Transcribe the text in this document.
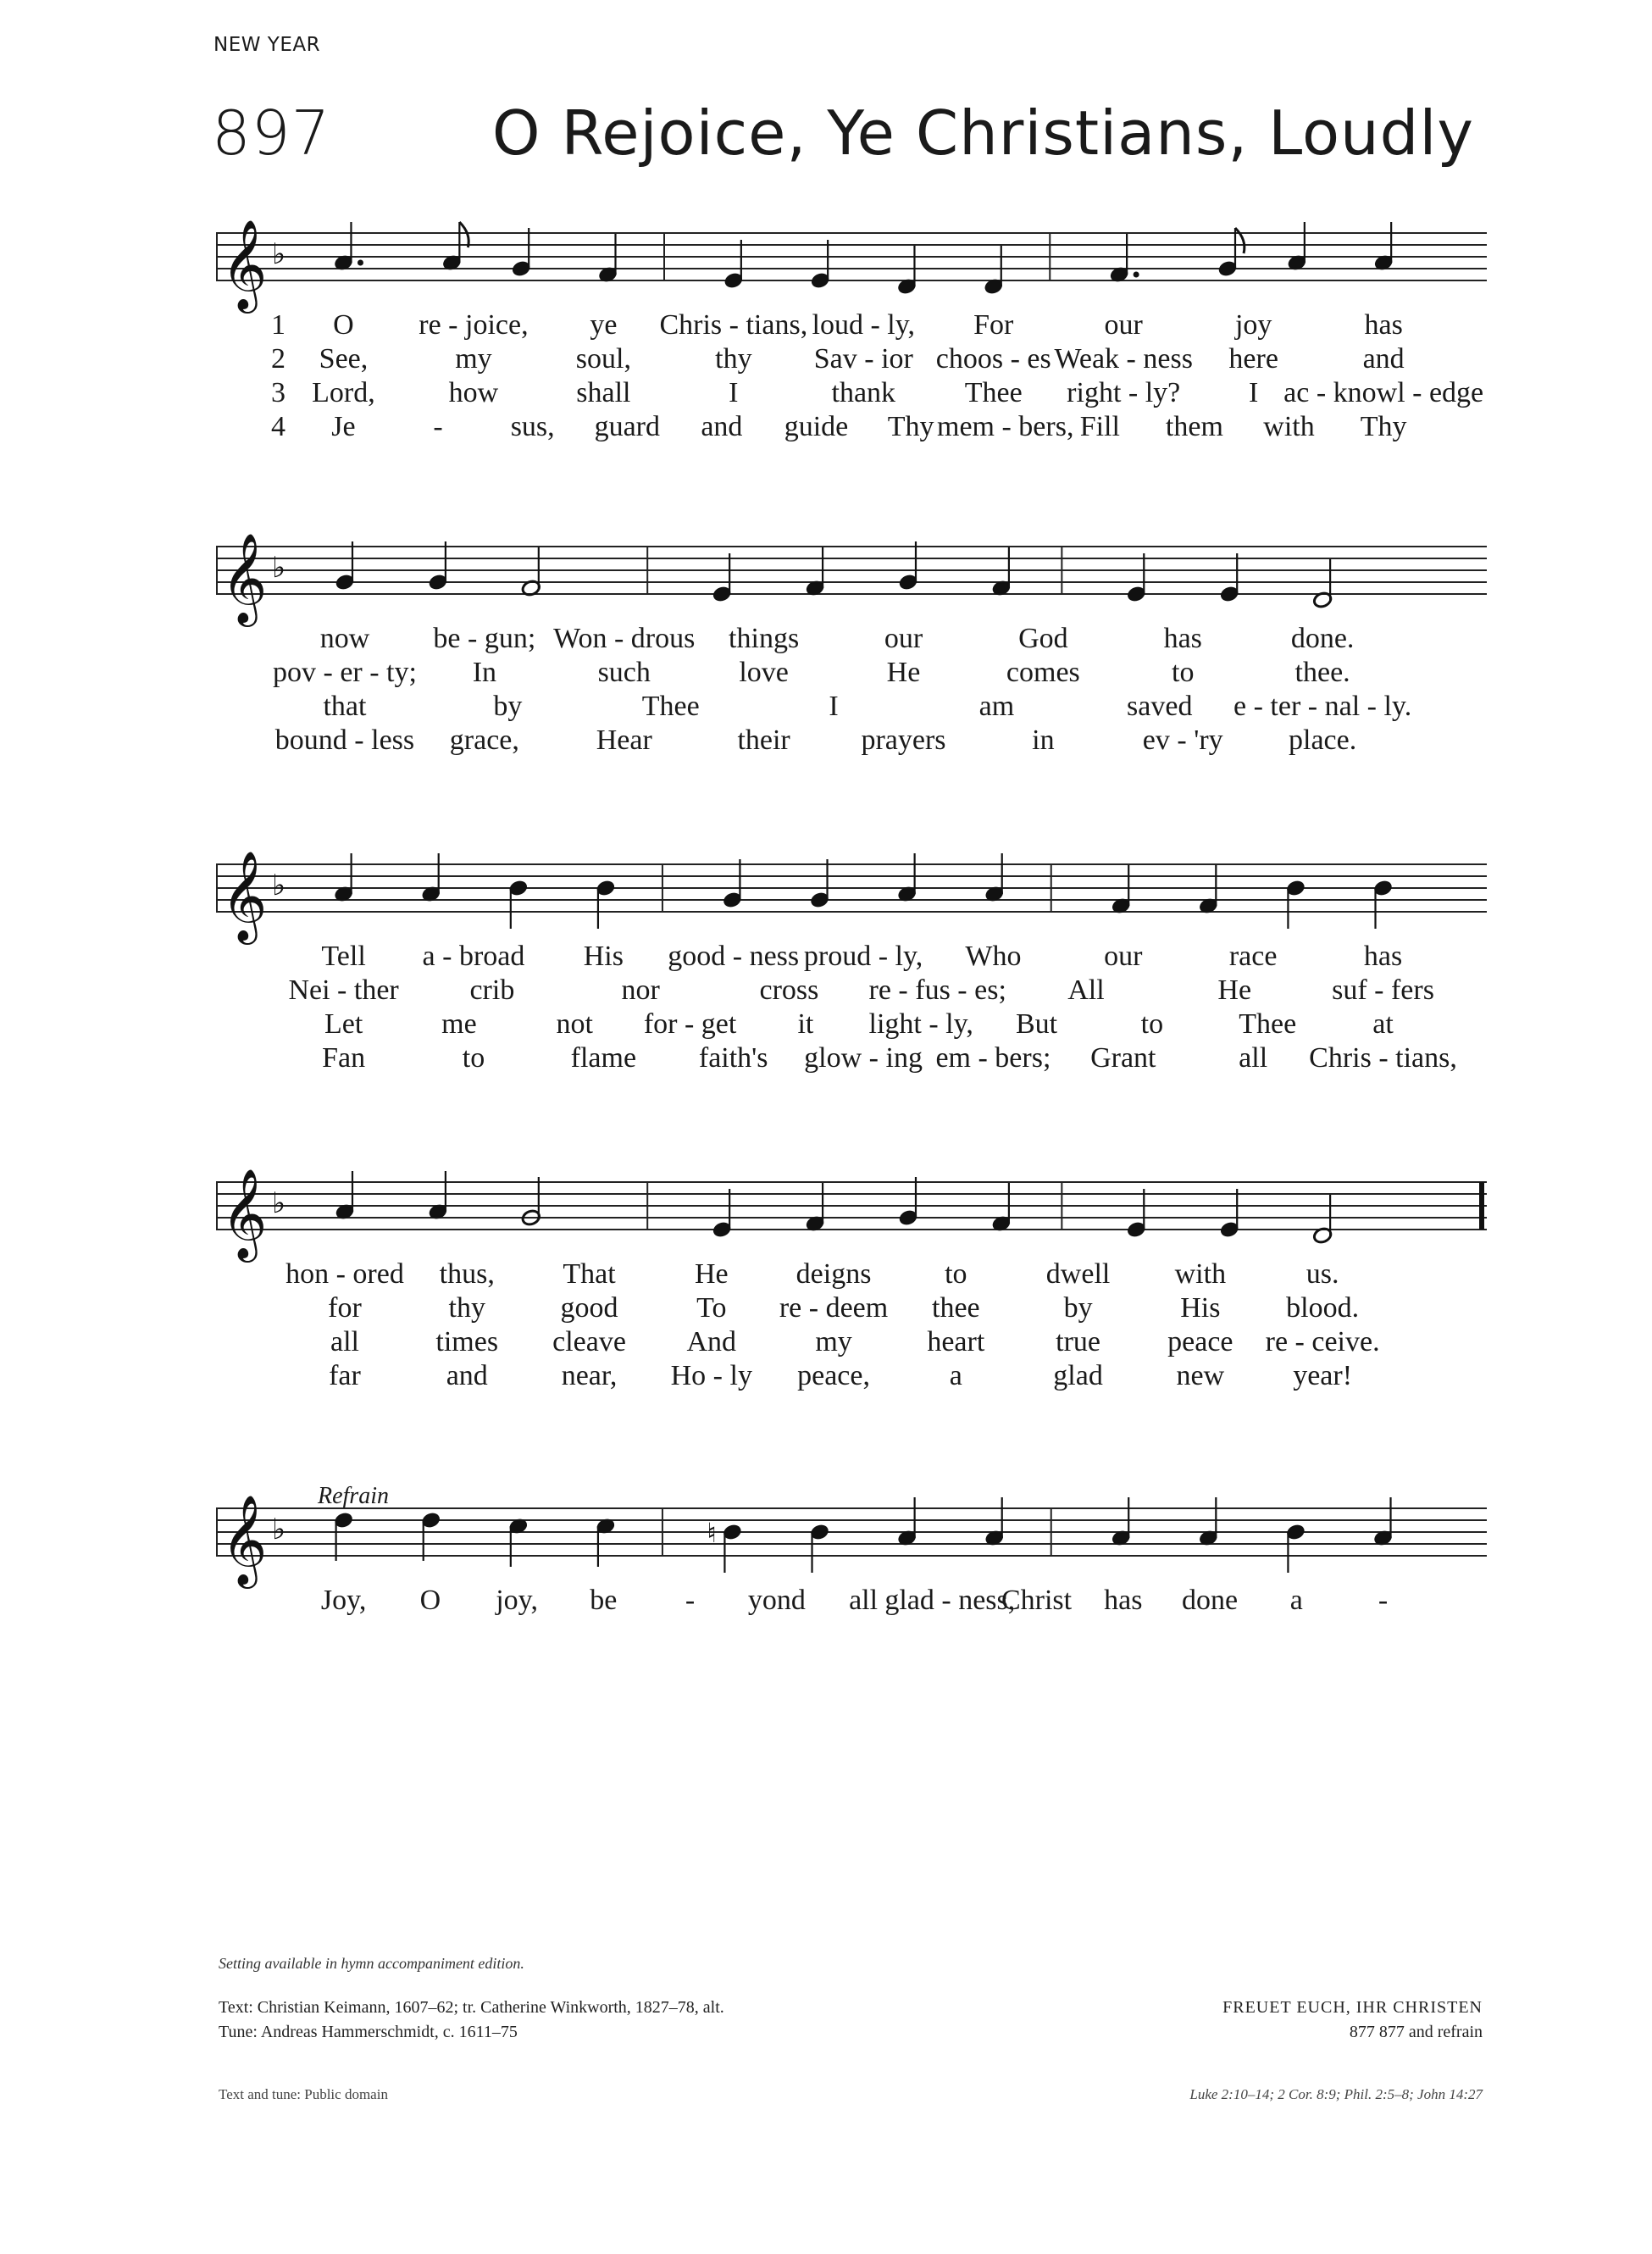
NEW YEAR
897	O Rejoice, Ye Christians, Loudly
𝄞 ♭
1 O re - joice, ye Chris - tians, loud - ly, For	our	joy	has
2 See,	my	soul,	thy Sav - ior choos - es Weak - ness here	and
3 Lord,	how	shall	I	thank Thee right - ly? I ac - knowl - edge
4 Je	- sus, guard and guide Thy mem - bers, Fill them with Thy
𝄞 ♭
now be - gun; Won - drous things	our	God	has	done.
pov - er - ty; In	such	love	He	comes	to	thee.
that	by	Thee	I	am	saved e - ter - nal - ly.
bound - less grace,	Hear	their prayers	in	ev - 'ry place.
𝄞 ♭
Tell a - broad His good - ness proud - ly, Who	our	race	has
Nei - ther crib	nor	cross re - fus - es; All	He	suf - fers
Let	me	not for - get it light - ly, But	to	Thee	at
Fan	to	flame faith's glow - ing em - bers; Grant	all Chris - tians,
𝄞 ♭
hon - ored thus, That	He deigns	to	dwell with	us.
for	thy	good	To re - deem thee	by	His blood.
all	times cleave And	my	heart true peace re - ceive.
far	and	near, Ho - ly peace,	a	glad	new year!
Refrain
𝄞 ♭	♮
Joy, O joy, be - yond all glad - ness,
Christ has done a	-
Setting available in hymn accompaniment edition.
Text: Christian Keimann, 1607–62; tr. Catherine Winkworth, 1827–78, alt.
Tune: Andreas Hammerschmidt, c. 1611–75
FREUET EUCH, IHR CHRISTEN
877 877 and refrain
Text and tune: Public domain	Luke 2:10–14; 2 Cor. 8:9; Phil. 2:5–8; John 14:27
